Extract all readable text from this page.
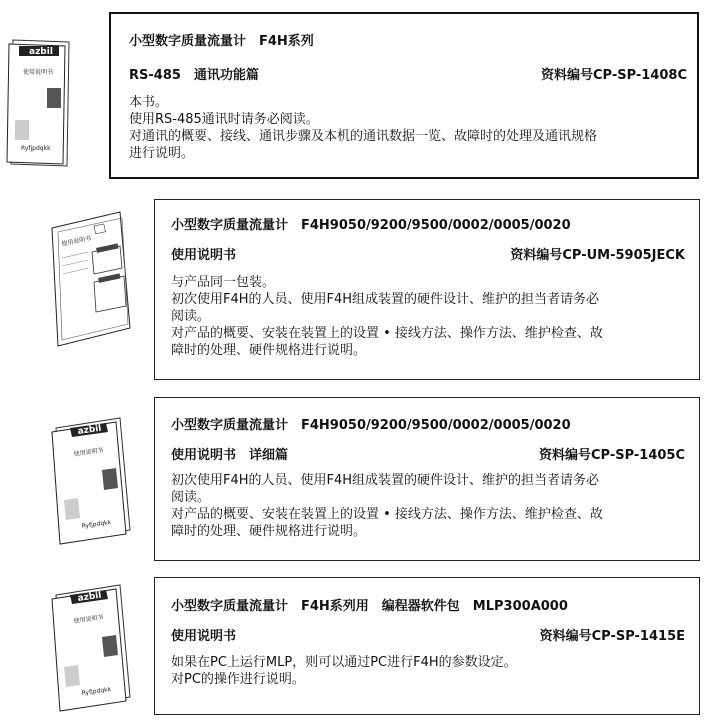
azbil
使用说明书
Ryfjpdqkk
小型数字质量流量计　F4H系列
RS-485　通讯功能篇	资料编号CP-SP-1408C
本书。
使用RS-485通讯时请务必阅读。
对通讯的概要、接线、通讯步骤及本机的通讯数据一览、故障时的处理及通讯规格
进行说明。
使用说明书
小型数字质量流量计　F4H9050/9200/9500/0002/0005/0020
使用说明书	资料编号CP-UM-5905JECK
与产品同一包装。
初次使用F4H的人员、使用F4H组成装置的硬件设计、维护的担当者请务必
阅读。
对产品的概要、安装在装置上的设置 • 接线方法、操作方法、维护检查、故
障时的处理、硬件规格进行说明。
azbil
使用说明书
Ryfjpdqkk
小型数字质量流量计　F4H9050/9200/9500/0002/0005/0020
使用说明书　详细篇	资料编号CP-SP-1405C
初次使用F4H的人员、使用F4H组成装置的硬件设计、维护的担当者请务必
阅读。
对产品的概要、安装在装置上的设置 • 接线方法、操作方法、维护检查、故
障时的处理、硬件规格进行说明。
azbil
使用说明书
Ryfjpdqkk
小型数字质量流量计　F4H系列用　编程器软件包　MLP300A000
使用说明书	资料编号CP-SP-1415E
如果在PC上运行MLP，则可以通过PC进行F4H的参数设定。
对PC的操作进行说明。
